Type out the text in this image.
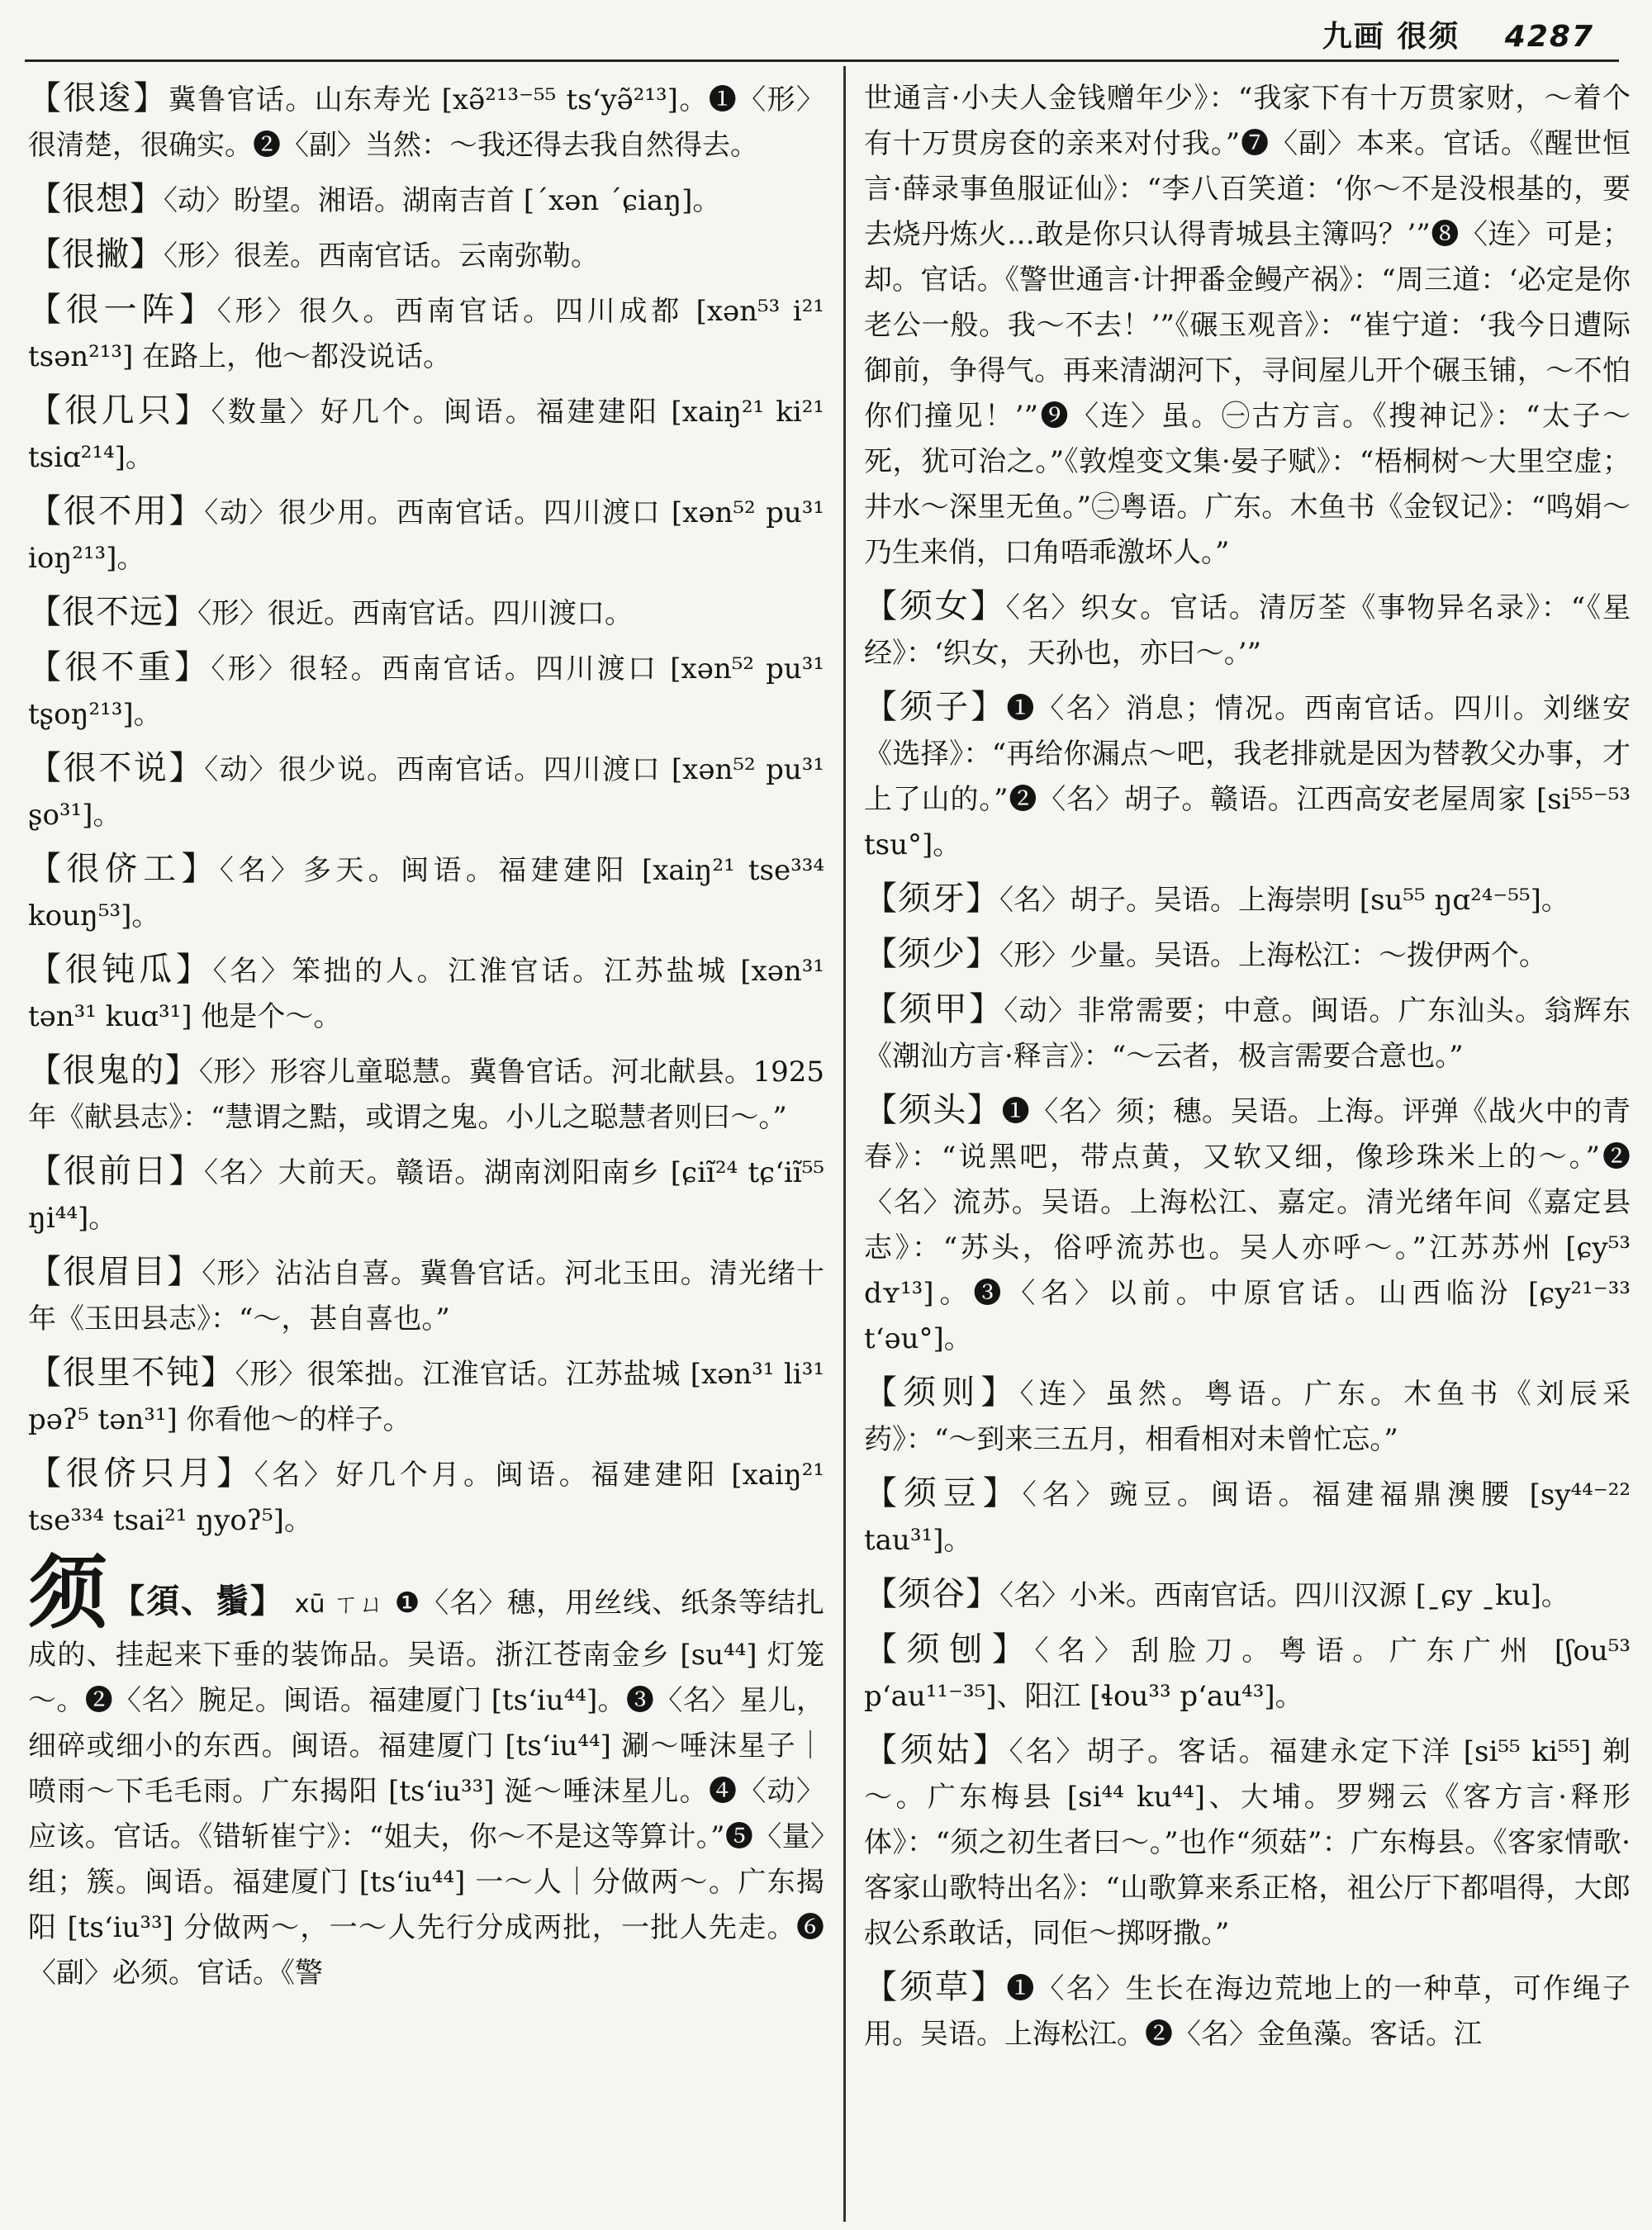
九画 很须 4287
【很逡】冀鲁官话。山东寿光 [xə̃²¹³⁻⁵⁵ tsʻyə̃²¹³]。❶〈形〉很清楚，很确实。❷〈副〉当然：～我还得去我自然得去。
【很想】〈动〉盼望。湘语。湖南吉首 [ˊxən ˊɕiaŋ]。
【很撇】〈形〉很差。西南官话。云南弥勒。
【很一阵】〈形〉很久。西南官话。四川成都 [xən⁵³ i²¹ tsən²¹³] 在路上，他～都没说话。
【很几只】〈数量〉好几个。闽语。福建建阳 [xaiŋ²¹ ki²¹ tsiɑ²¹⁴]。
【很不用】〈动〉很少用。西南官话。四川渡口 [xən⁵² pu³¹ ioŋ²¹³]。
【很不远】〈形〉很近。西南官话。四川渡口。
【很不重】〈形〉很轻。西南官话。四川渡口 [xən⁵² pu³¹ tʂoŋ²¹³]。
【很不说】〈动〉很少说。西南官话。四川渡口 [xən⁵² pu³¹ ʂo³¹]。
【很侪工】〈名〉多天。闽语。福建建阳 [xaiŋ²¹ tse³³⁴ kouŋ⁵³]。
【很钝瓜】〈名〉笨拙的人。江淮官话。江苏盐城 [xən³¹ tən³¹ kuɑ³¹] 他是个～。
【很鬼的】〈形〉形容儿童聪慧。冀鲁官话。河北献县。1925年《献县志》：“慧谓之黠，或谓之鬼。小儿之聪慧者则曰～。”
【很前日】〈名〉大前天。赣语。湖南浏阳南乡 [ɕiĩ²⁴ tɕʻiĩ⁵⁵ ŋi⁴⁴]。
【很眉目】〈形〉沾沾自喜。冀鲁官话。河北玉田。清光绪十年《玉田县志》：“～，甚自喜也。”
【很里不钝】〈形〉很笨拙。江淮官话。江苏盐城 [xən³¹ li³¹ pəʔ⁵ tən³¹] 你看他～的样子。
【很侪只月】〈名〉好几个月。闽语。福建建阳 [xaiŋ²¹ tse³³⁴ tsai²¹ ŋyoʔ⁵]。
须 【須、鬚】 xū ㄒㄩ ❶〈名〉穗，用丝线、纸条等结扎成的、挂起来下垂的装饰品。吴语。浙江苍南金乡 [su⁴⁴] 灯笼～。❷〈名〉腕足。闽语。福建厦门 [tsʻiu⁴⁴]。❸〈名〉星儿，细碎或细小的东西。闽语。福建厦门 [tsʻiu⁴⁴] 涮～唾沫星子｜喷雨～下毛毛雨。广东揭阳 [tsʻiu³³] 涎～唾沫星儿。❹〈动〉应该。官话。《错斩崔宁》：“姐夫，你～不是这等算计。”❺〈量〉组；簇。闽语。福建厦门 [tsʻiu⁴⁴] 一～人｜分做两～。广东揭阳 [tsʻiu³³] 分做两～，一～人先行分成两批，一批人先走。❻〈副〉必须。官话。《警
世通言·小夫人金钱赠年少》：“我家下有十万贯家财，～着个有十万贯房奁的亲来对付我。”❼〈副〉本来。官话。《醒世恒言·薛录事鱼服证仙》：“李八百笑道：‘你～不是没根基的，要去烧丹炼火…敢是你只认得青城县主簿吗？’”❽〈连〉可是；却。官话。《警世通言·计押番金鳗产祸》：“周三道：‘必定是你老公一般。我～不去！’”《碾玉观音》：“崔宁道：‘我今日遭际御前，争得气。再来清湖河下，寻间屋儿开个碾玉铺，～不怕你们撞见！’”❾〈连〉虽。㊀古方言。《搜神记》：“太子～死，犹可治之。”《敦煌变文集·晏子赋》：“梧桐树～大里空虚；井水～深里无鱼。”㊁粤语。广东。木鱼书《金钗记》：“鸣娟～乃生来俏，口角唔乖激坏人。”
【须女】〈名〉织女。官话。清厉荃《事物异名录》：“《星经》：‘织女，天孙也，亦曰～。’”
【须子】❶〈名〉消息；情况。西南官话。四川。刘继安《选择》：“再给你漏点～吧，我老排就是因为替教父办事，才上了山的。”❷〈名〉胡子。赣语。江西高安老屋周家 [si⁵⁵⁻⁵³ tsu°]。
【须牙】〈名〉胡子。吴语。上海崇明 [su⁵⁵ ŋɑ²⁴⁻⁵⁵]。
【须少】〈形〉少量。吴语。上海松江：～拨伊两个。
【须甲】〈动〉非常需要；中意。闽语。广东汕头。翁辉东《潮汕方言·释言》：“～云者，极言需要合意也。”
【须头】❶〈名〉须；穗。吴语。上海。评弹《战火中的青春》：“说黑吧，带点黄，又软又细，像珍珠米上的～。”❷〈名〉流苏。吴语。上海松江、嘉定。清光绪年间《嘉定县志》：“苏头，俗呼流苏也。吴人亦呼～。”江苏苏州 [ɕy⁵³ dʏ¹³]。❸〈名〉以前。中原官话。山西临汾 [ɕy²¹⁻³³ tʻəu°]。
【须则】〈连〉虽然。粤语。广东。木鱼书《刘辰采药》：“～到来三五月，相看相对未曾忙忘。”
【须豆】〈名〉豌豆。闽语。福建福鼎澳腰 [sy⁴⁴⁻²² tau³¹]。
【须谷】〈名〉小米。西南官话。四川汉源 [ˍɕy ˍku]。
【须刨】〈名〉刮脸刀。粤语。广东广州 [ʃou⁵³ pʻau¹¹⁻³⁵]、阳江 [ɬou³³ pʻau⁴³]。
【须姑】〈名〉胡子。客话。福建永定下洋 [si⁵⁵ ki⁵⁵] 剃～。广东梅县 [si⁴⁴ ku⁴⁴]、大埔。罗翙云《客方言·释形体》：“须之初生者曰～。”也作“须菇”：广东梅县。《客家情歌·客家山歌特出名》：“山歌算来系正格，祖公厅下都唱得，大郎叔公系敢话，同佢～掷呀撒。”
【须草】❶〈名〉生长在海边荒地上的一种草，可作绳子用。吴语。上海松江。❷〈名〉金鱼藻。客话。江
